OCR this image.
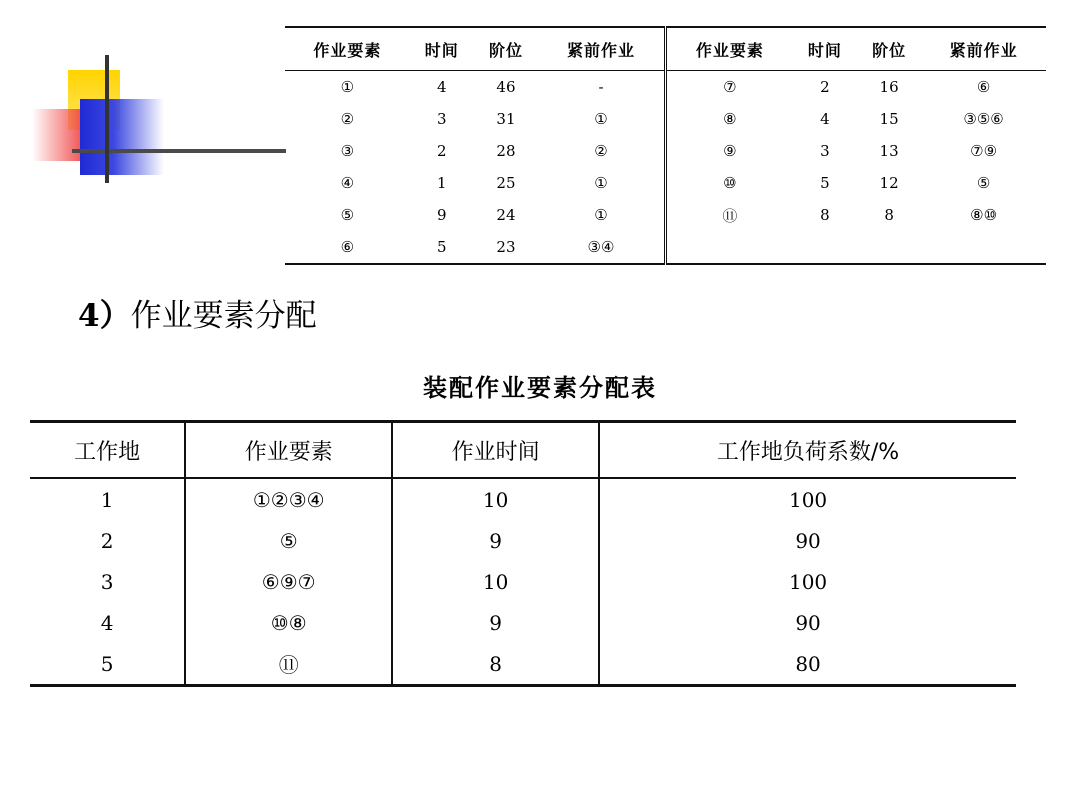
作业要素	时间	阶位	紧前作业	作业要素	时间	阶位	紧前作业
①	4	46	-	⑦	2	16	⑥
②	3	31	①	⑧	4	15	③⑤⑥
③	2	28	②	⑨	3	13	⑦⑨
④	1	25	①	⑩	5	12	⑤
⑤	9	24	①	⑪	8	8	⑧⑩
⑥	5	23	③④				
4）作业要素分配
装配作业要素分配表
工作地	作业要素	作业时间	工作地负荷系数/%
1	①②③④	10	100
2	⑤	9	90
3	⑥⑨⑦	10	100
4	⑩⑧	9	90
5	⑪	8	80
